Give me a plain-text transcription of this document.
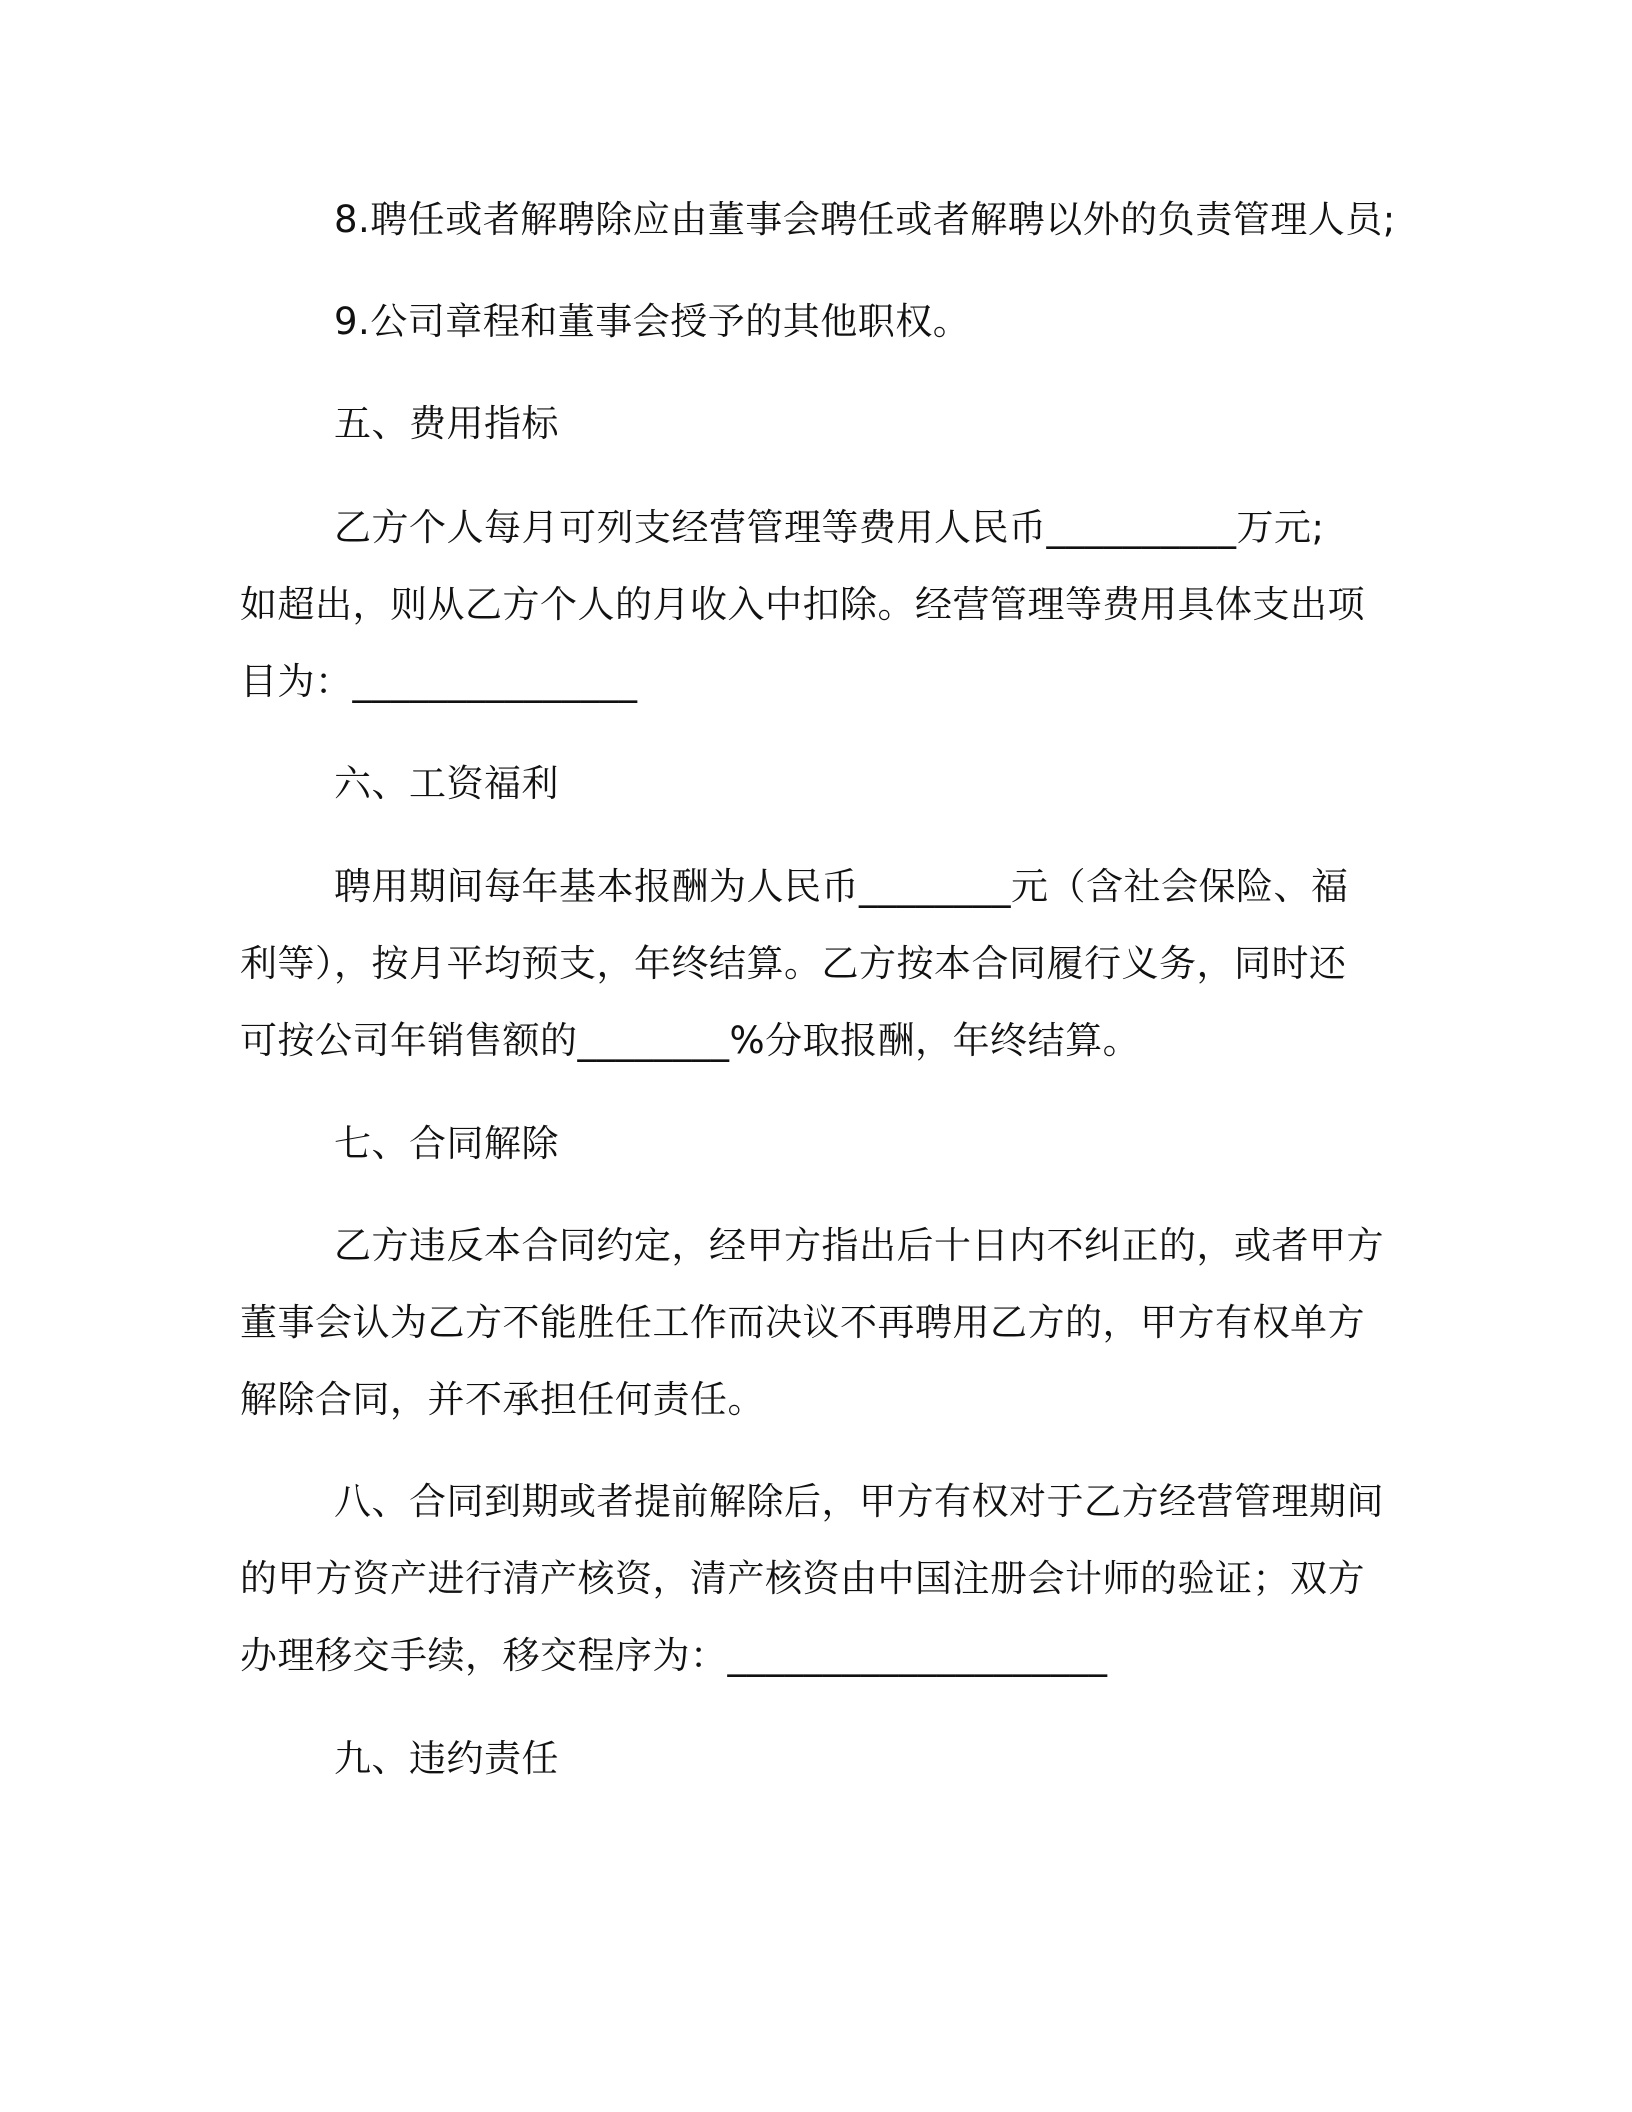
8.聘任或者解聘除应由董事会聘任或者解聘以外的负责管理人员;
9.公司章程和董事会授予的其他职权。
五、费用指标
乙方个人每月可列支经营管理等费用人民币__________万元;
如超出，则从乙方个人的月收入中扣除。经营管理等费用具体支出项
目为：_______________
六、工资福利
聘用期间每年基本报酬为人民币________元（含社会保险、福
利等），按月平均预支，年终结算。乙方按本合同履行义务，同时还
可按公司年销售额的________%分取报酬，年终结算。
七、合同解除
乙方违反本合同约定，经甲方指出后十日内不纠正的，或者甲方
董事会认为乙方不能胜任工作而决议不再聘用乙方的，甲方有权单方
解除合同，并不承担任何责任。
八、合同到期或者提前解除后，甲方有权对于乙方经营管理期间
的甲方资产进行清产核资，清产核资由中国注册会计师的验证；双方
办理移交手续，移交程序为：____________________
九、违约责任
